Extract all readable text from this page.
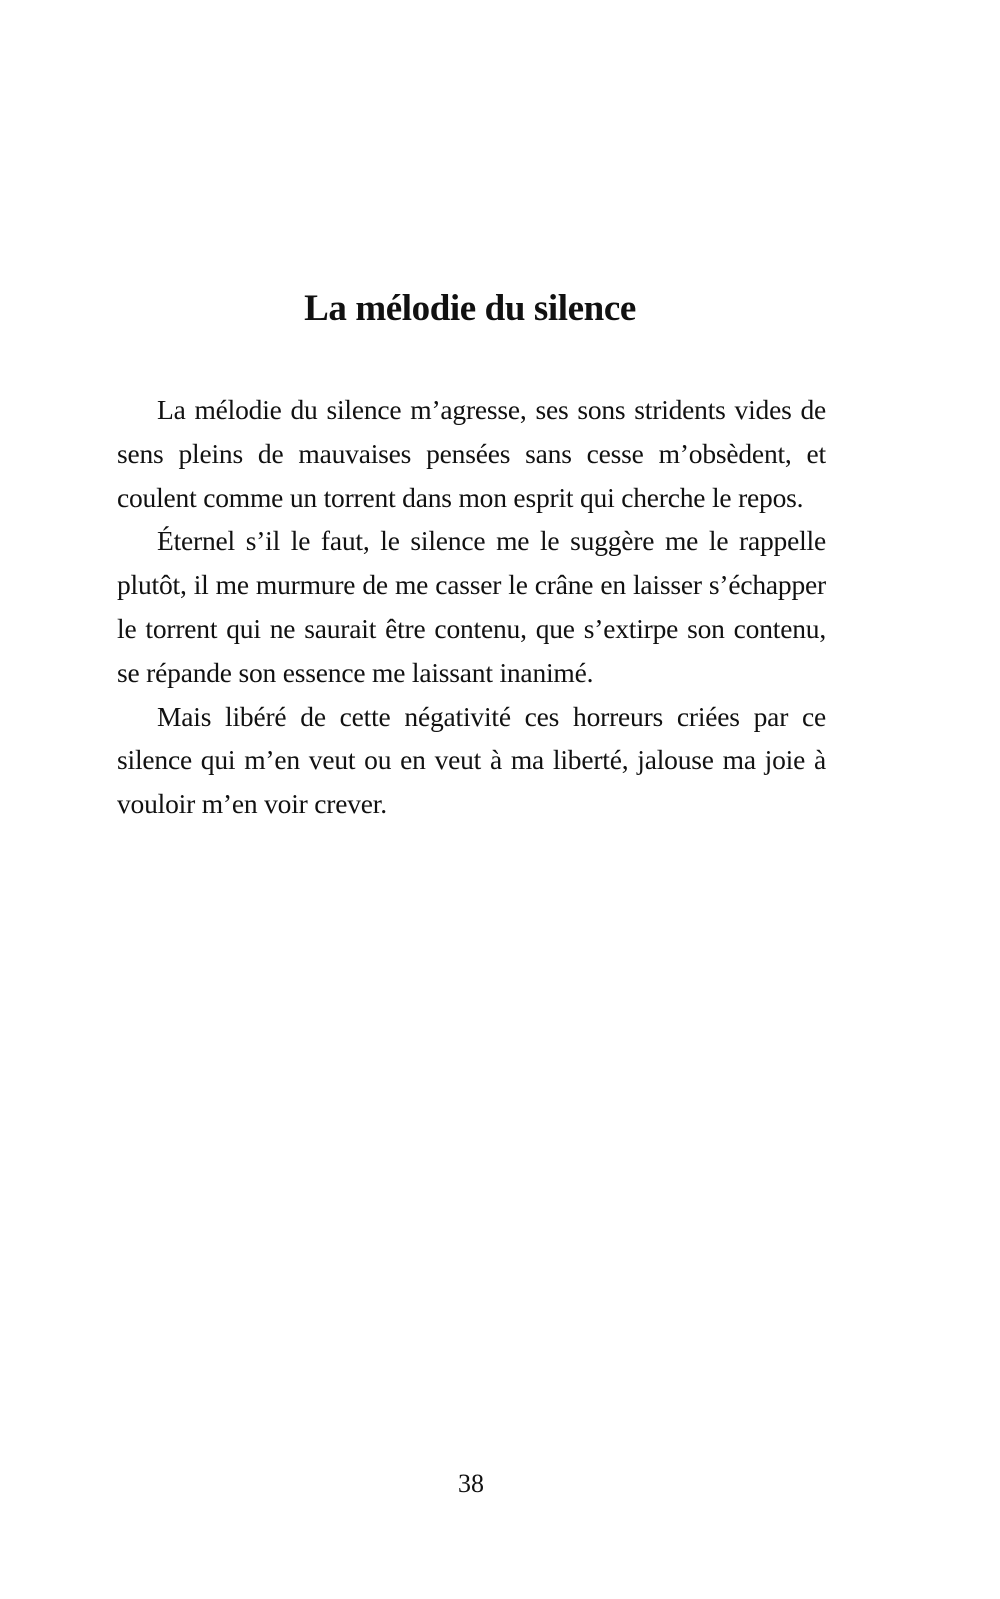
La mélodie du silence

La mélodie du silence m’agresse, ses sons stridents vides de sens pleins de mauvaises pensées sans cesse m’obsèdent, et coulent comme un torrent dans mon esprit qui cherche le repos.

Éternel s’il le faut, le silence me le suggère me le rappelle plutôt, il me murmure de me casser le crâne en laisser s’échapper le torrent qui ne saurait être contenu, que s’extirpe son contenu, se répande son essence me laissant inanimé.

Mais libéré de cette négativité ces horreurs criées par ce silence qui m’en veut ou en veut à ma liberté, jalouse ma joie à vouloir m’en voir crever.

38
